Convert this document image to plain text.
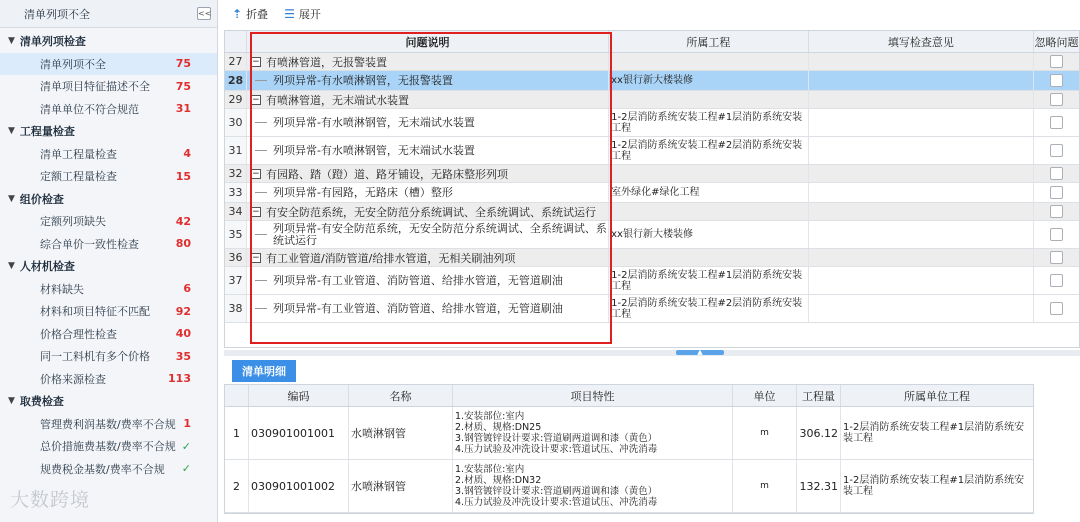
清单列项不全	<<
▼ 清单列项检查
清单列项不全	75
清单项目特征描述不全 75
清单单位不符合规范	31
▼ 工程量检查
清单工程量检查	4
定额工程量检查	15
▼ 组价检查
定额列项缺失	42
综合单价一致性检查	80
▼ 人材机检查
材料缺失	6
材料和项目特征不匹配 92
价格合理性检查	40
同一工料机有多个价格 35
价格来源检查	113
▼ 取费检查
管理费利润基数/费率不合规 1
总价措施费基数/费率不合规 ✓
规费税金基数/费率不合规 ✓
大数跨境
⇡ 折叠 ☰ 展开
问题说明	所属工程	填写检查意见	忽略问题
27	− 有喷淋管道，无报警装置
28	列项异常-有水喷淋钢管，无报警装置	xx银行新大楼装修
29	− 有喷淋管道，无末端试水装置
30	列项异常-有水喷淋钢管，无末端试水装置	1-2层消防系统安装工程#1层消防系统安装工程
31	列项异常-有水喷淋钢管，无末端试水装置	1-2层消防系统安装工程#2层消防系统安装工程
32	− 有园路、踏（蹬）道、路牙铺设，无路床整形列项
33	列项异常-有园路，无路床（槽）整形	室外绿化#绿化工程
34	− 有安全防范系统，无安全防范分系统调试、全系统调试、系统试运行
35	列项异常-有安全防范系统，无安全防范分系统调试、全系统调试、系统试运行	xx银行新大楼装修
36	− 有工业管道/消防管道/给排水管道，无相关刷油列项
37	列项异常-有工业管道、消防管道、给排水管道，无管道刷油	1-2层消防系统安装工程#1层消防系统安装工程
38	列项异常-有工业管道、消防管道、给排水管道，无管道刷油	1-2层消防系统安装工程#2层消防系统安装工程
▲
清单明细
编码	名称	项目特性	单位	工程量	所属单位工程
1	030901001001	水喷淋钢管
1.安装部位:室内
2.材质、规格:DN25
3.钢管镀锌设计要求:管道刷两道调和漆（黄色）
4.压力试验及冲洗设计要求:管道试压、冲洗消毒
m	306.12 1-2层消防系统安装工程#1层消防系统安装工程
2	030901001002	水喷淋钢管
1.安装部位:室内
2.材质、规格:DN32
3.钢管镀锌设计要求:管道刷两道调和漆（黄色）
4.压力试验及冲洗设计要求:管道试压、冲洗消毒
m	132.31 1-2层消防系统安装工程#1层消防系统安装工程
